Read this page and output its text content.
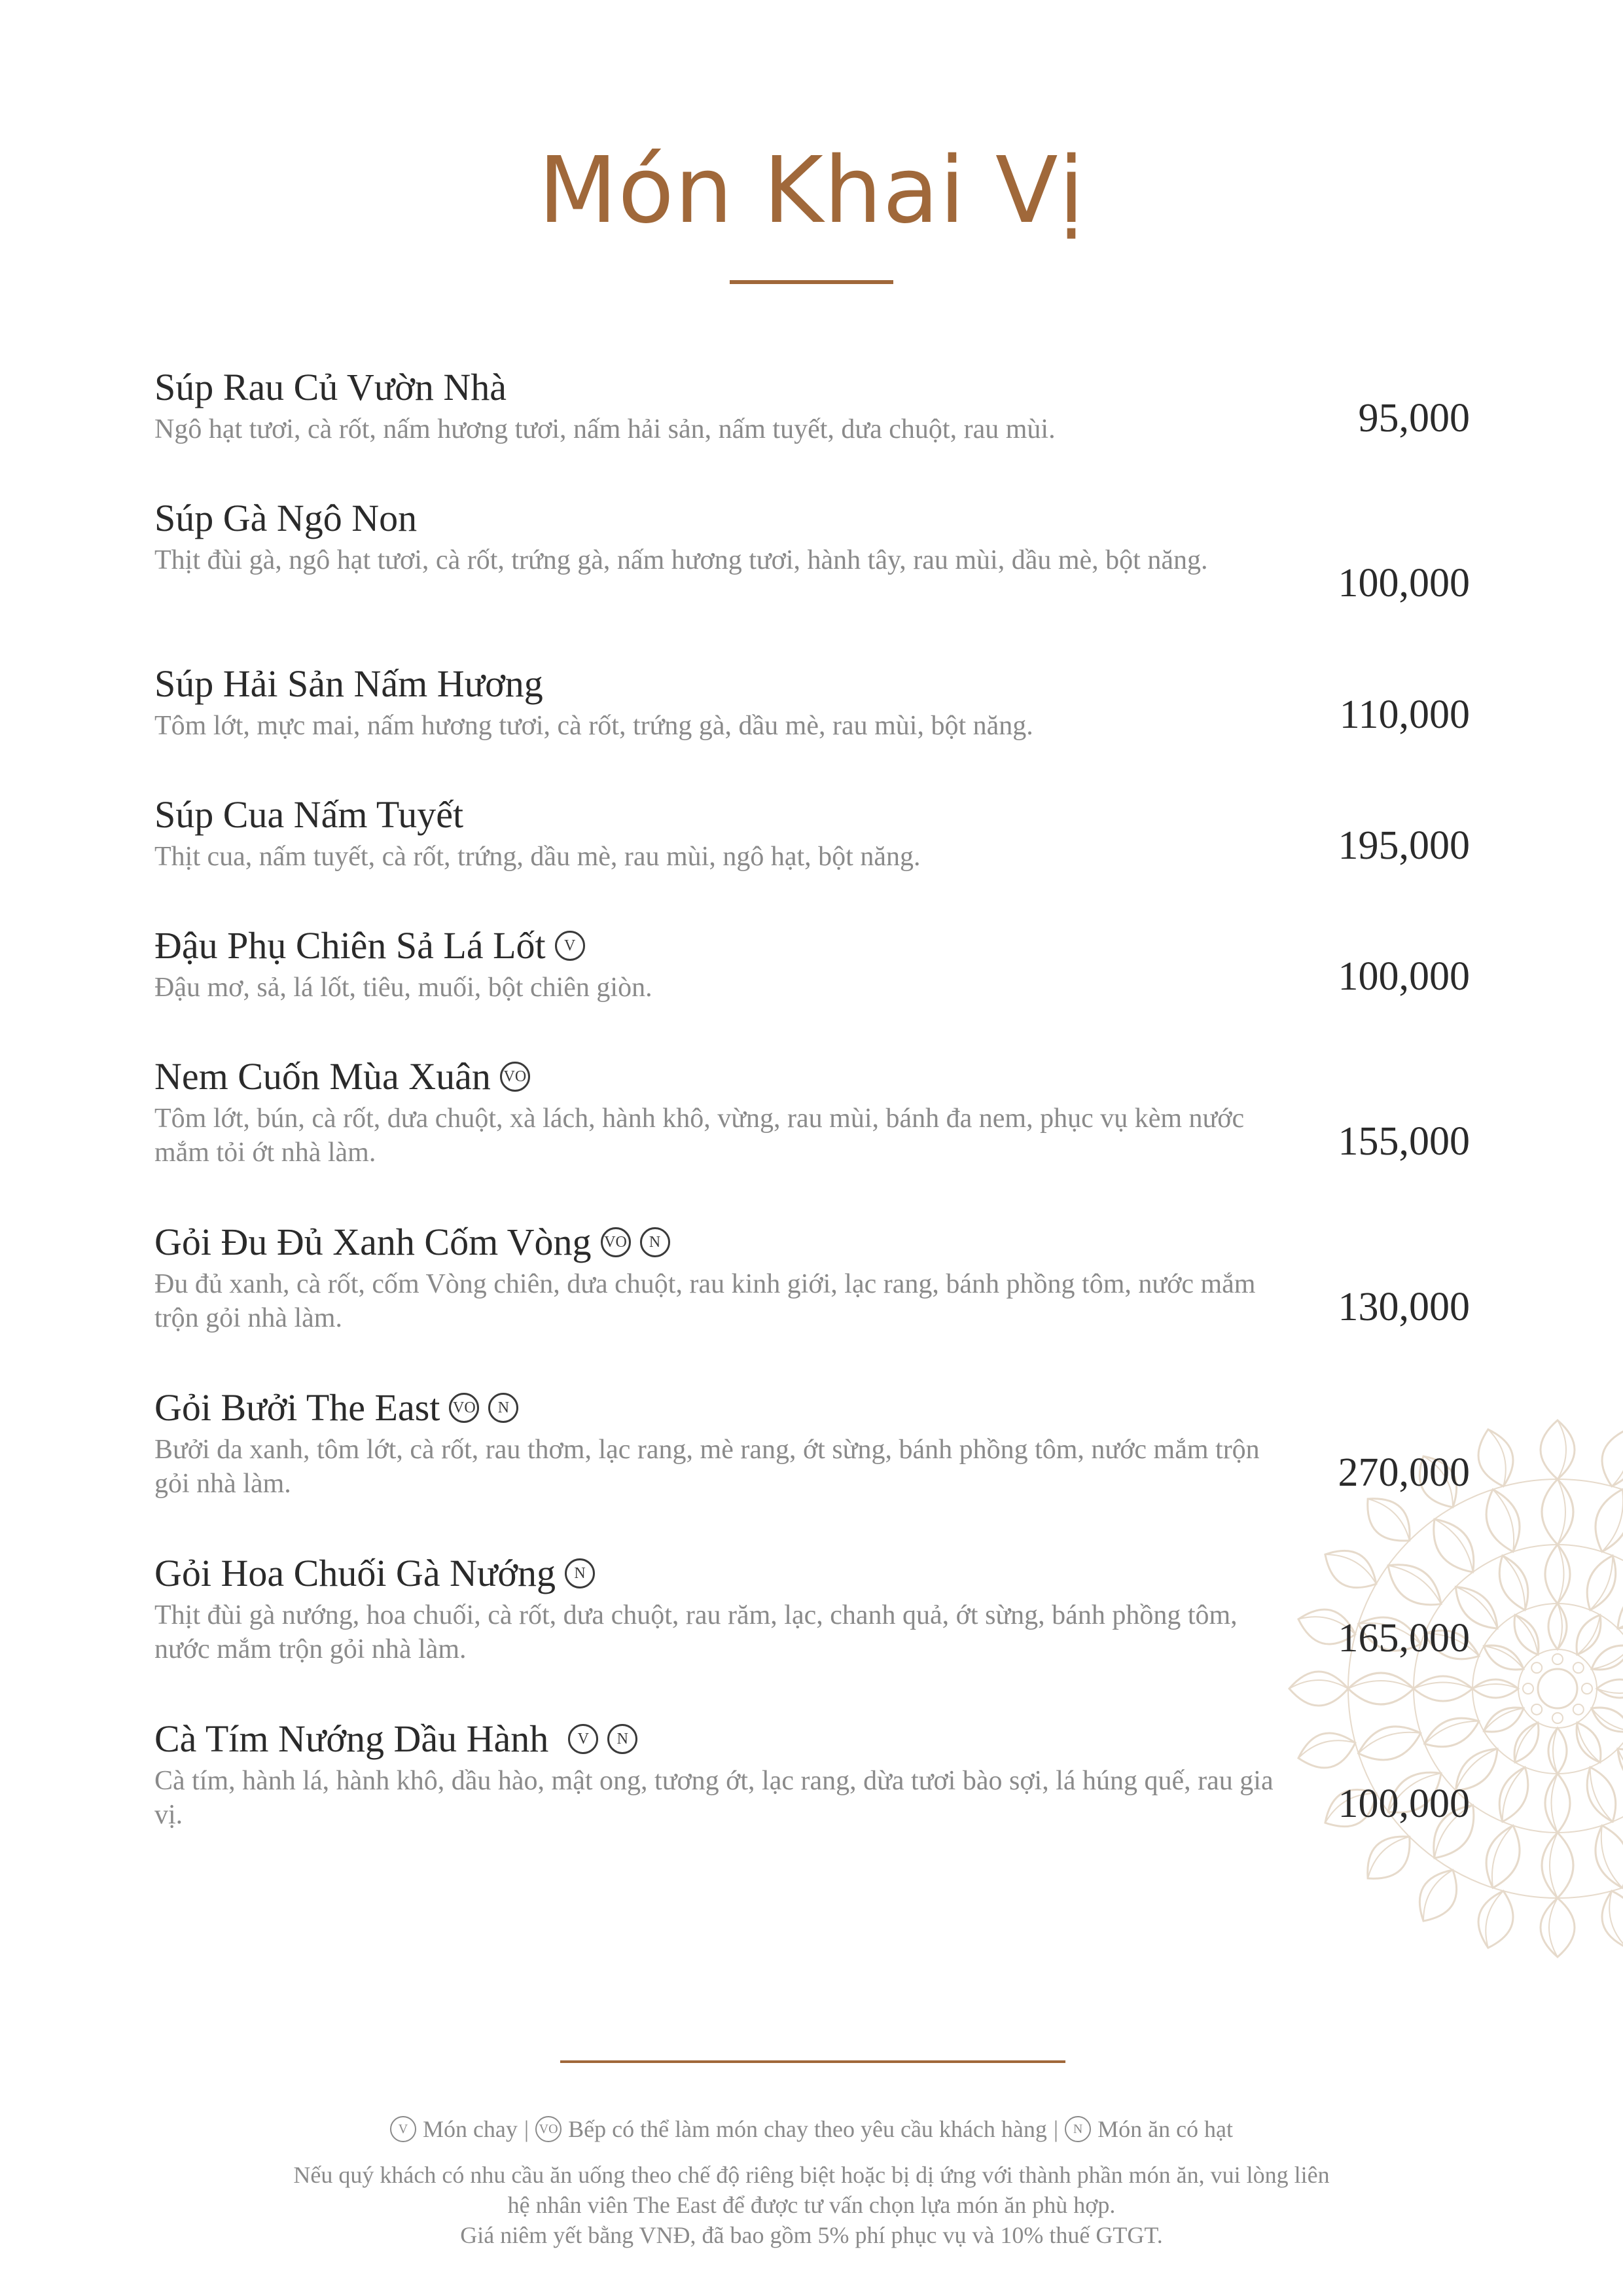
Món Khai Vị
Súp Rau Củ Vườn Nhà
Ngô hạt tươi, cà rốt, nấm hương tươi, nấm hải sản, nấm tuyết, dưa chuột, rau mùi.	95,000
Súp Gà Ngô Non
Thịt đùi gà, ngô hạt tươi, cà rốt, trứng gà, nấm hương tươi, hành tây, rau mùi, dầu mè, bột năng.
100,000
Súp Hải Sản Nấm Hương
Tôm lớt, mực mai, nấm hương tươi, cà rốt, trứng gà, dầu mè, rau mùi, bột năng.	110,000
Súp Cua Nấm Tuyết
Thịt cua, nấm tuyết, cà rốt, trứng, dầu mè, rau mùi, ngô hạt, bột năng.	195,000
Đậu Phụ Chiên Sả Lá Lốt	V
Đậu mơ, sả, lá lốt, tiêu, muối, bột chiên giòn.	100,000
Nem Cuốn Mùa Xuân VO
Tôm lớt, bún, cà rốt, dưa chuột, xà lách, hành khô, vừng, rau mùi, bánh đa nem, phục vụ kèm nước mắm tỏi ớt nhà làm.	155,000
Gỏi Đu Đủ Xanh Cốm Vòng VO	N
Đu đủ xanh, cà rốt, cốm Vòng chiên, dưa chuột, rau kinh giới, lạc rang, bánh phồng tôm, nước mắm trộn gỏi nhà làm.	130,000
Gỏi Bưởi The East VO	N
Bưởi da xanh, tôm lớt, cà rốt, rau thơm, lạc rang, mè rang, ớt sừng, bánh phồng tôm, nước mắm trộn gỏi nhà làm.	270,000
Gỏi Hoa Chuối Gà Nướng	N
Thịt đùi gà nướng, hoa chuối, cà rốt, dưa chuột, rau răm, lạc, chanh quả, ớt sừng, bánh phồng tôm, nước mắm trộn gỏi nhà làm.	165,000
Cà Tím Nướng Dầu Hành	V	N
Cà tím, hành lá, hành khô, dầu hào, mật ong, tương ớt, lạc rang, dừa tươi bào sợi, lá húng quế, rau gia vị.	100,000
V Món chay | VO Bếp có thể làm món chay theo yêu cầu khách hàng |	N Món ăn có hạt
Nếu quý khách có nhu cầu ăn uống theo chế độ riêng biệt hoặc bị dị ứng với thành phần món ăn, vui lòng liên
hệ nhân viên The East để được tư vấn chọn lựa món ăn phù hợp.
Giá niêm yết bằng VNĐ, đã bao gồm 5% phí phục vụ và 10% thuế GTGT.
